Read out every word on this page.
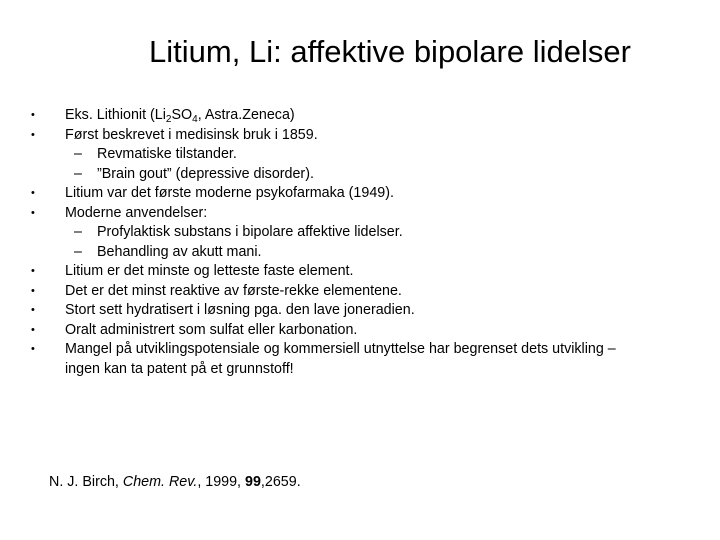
Litium, Li: affektive bipolare lidelser
• Eks. Lithionit ($Li_2SO_4$, Astra.Zeneca)
• Først beskrevet i medisinsk bruk i 1859.
– Revmatiske tilstander.
– ”Brain gout” (depressive disorder).
• Litium var det første moderne psykofarmaka (1949).
• Moderne anvendelser:
– Profylaktisk substans i bipolare affektive lidelser.
– Behandling av akutt mani.
• Litium er det minste og letteste faste element.
• Det er det minst reaktive av første-rekke elementene.
• Stort sett hydratisert i løsning pga. den lave joneradien.
• Oralt administrert som sulfat eller karbonation.
• Mangel på utviklingspotensiale og kommersiell utnyttelse har begrenset dets utvikling –
ingen kan ta patent på et grunnstoff!
N. J. Birch, Chem. Rev., 1999, 99,2659.
